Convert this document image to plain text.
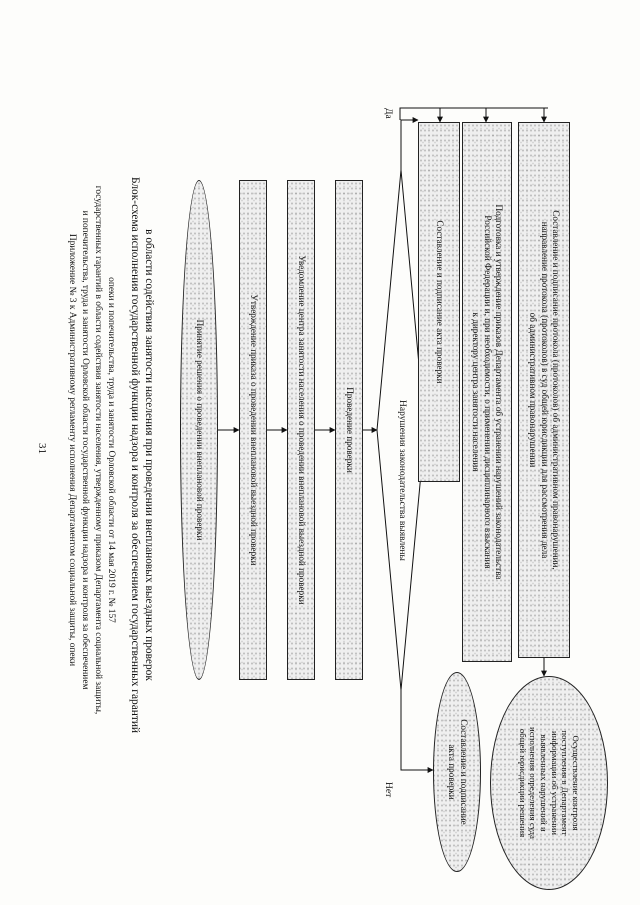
31 Приложение № 3 к Административному регламенту исполнения Департаментом социальной защиты, опеки и попечительства, труда и занятости Орловской области государственной функции надзора и контроля за обеспечением государственных гарантий в области содействия занятости населения, утвержденному приказом Департамента социальной защиты, опеки и попечительства, труда и занятости Орловской области от 14 мая 2019 г. № 157 Блок-схема исполнения государственной функции надзора и контроля за обеспечением государственных гарантий в области содействия занятости населения при проведении внеплановых выездных проверок	Принятие решения о проведении внеплановой проверки	Утверждение приказа о проведении внеплановой выездной проверки	Уведомление центра занятости населения о проведении внеплановой выездной проверки	Проведение проверки	Нарушения законодательства выявлены
Да
Нет
Составление и подписание акта проверки
Составление и подписание
акта проверки
Подготовка и утверждение приказов Департамента об устранении нарушений законодательства
Российской Федерации и, при необходимости, о применении дисциплинарного взыскания
к директору центра занятости населения	Составление и подписание протокола (протоколов) об административном правонарушении,
направление протокола (протоколов) в суд общей юрисдикции для рассмотрения дела
об административном правонарушении
Осуществление контроля
поступления в Департамент
информации об устранении
выявленных нарушений и
исполнения определения суда
общей юрисдикции решения
